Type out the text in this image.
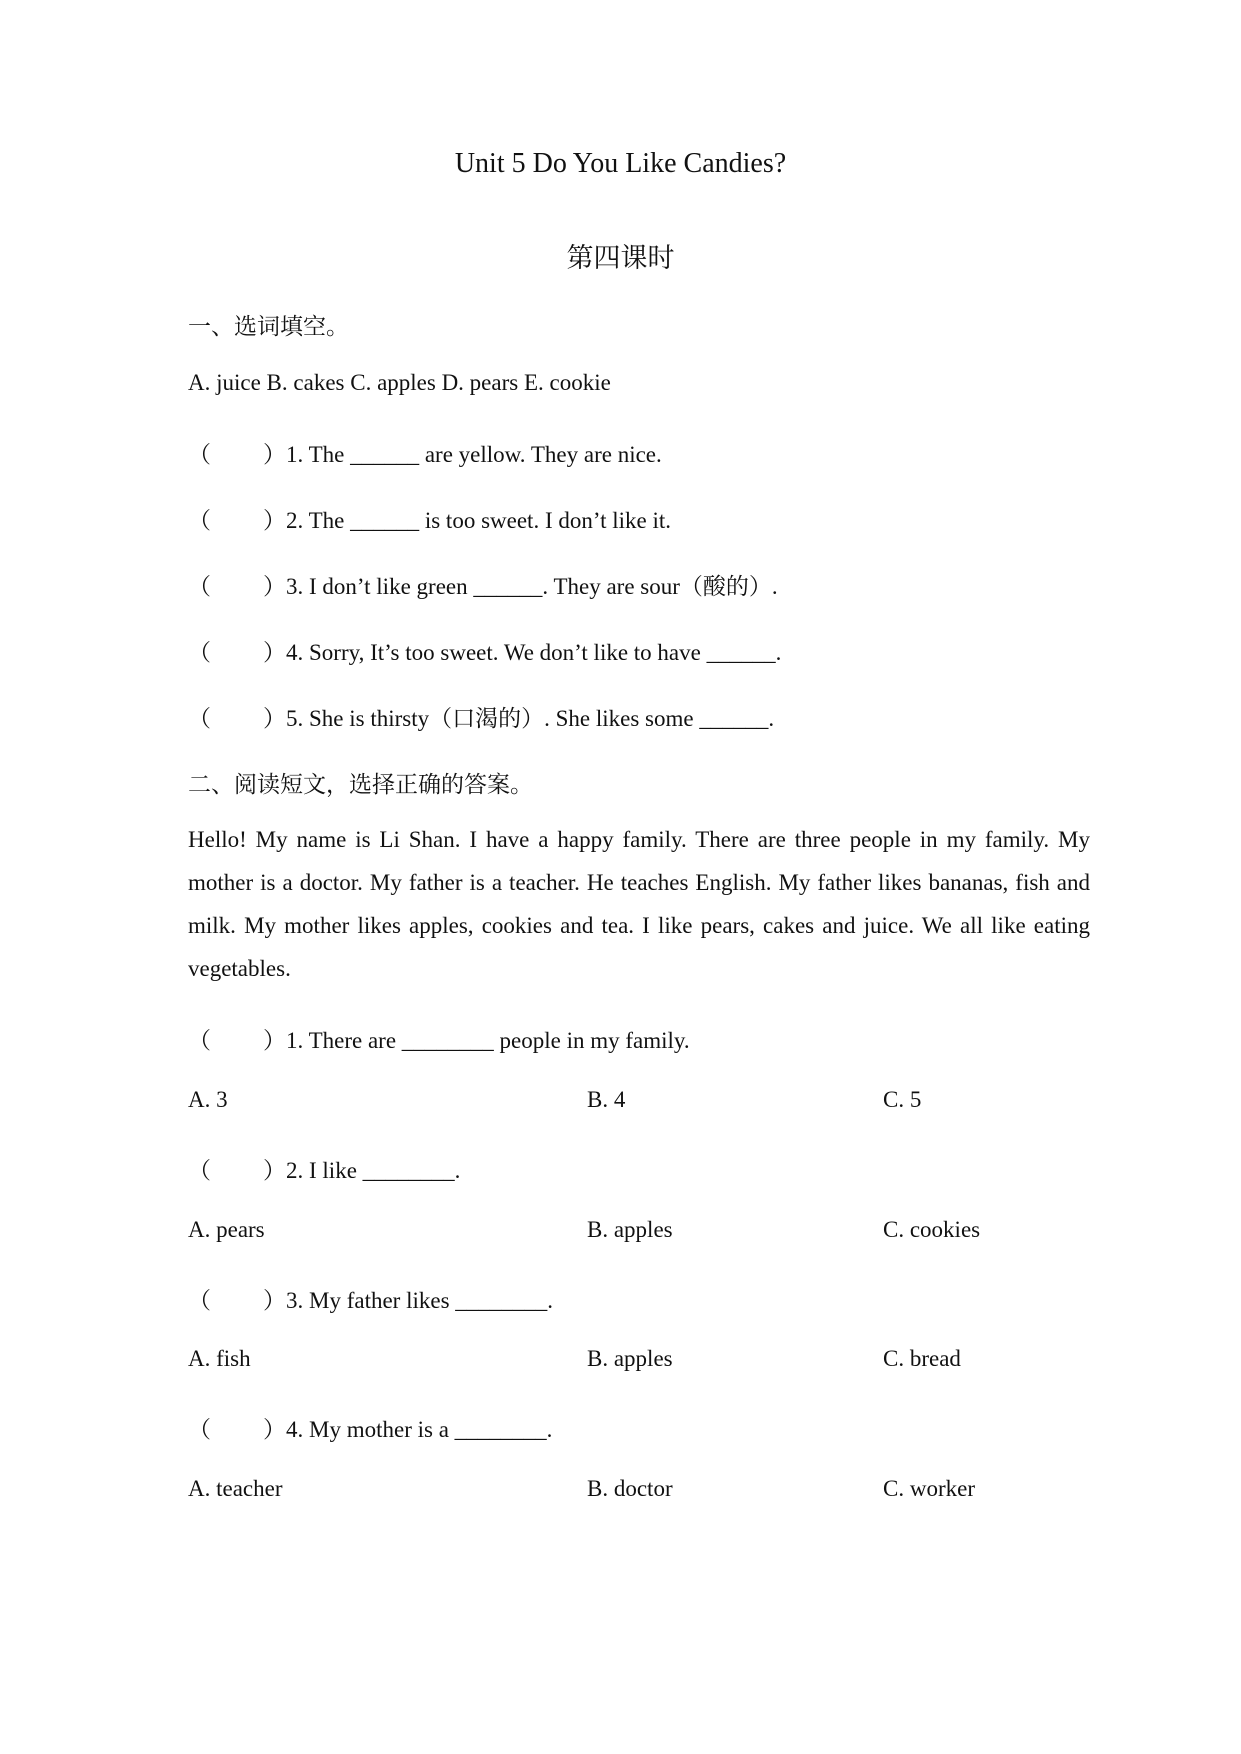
Unit 5 Do You Like Candies?
第四课时
一、选词填空。
A. juice B. cakes C. apples D. pears E. cookie
（ ）1. The ______ are yellow. They are nice.
（ ）2. The ______ is too sweet. I don’t like it.
（ ）3. I don’t like green ______. They are sour（酸的）.
（ ）4. Sorry, It’s too sweet. We don’t like to have ______.
（ ）5. She is thirsty（口渴的）. She likes some ______.
二、阅读短文，选择正确的答案。
Hello! My name is Li Shan. I have a happy family. There are three people in my family. My mother is a doctor. My father is a teacher. He teaches English. My father likes bananas, fish and milk. My mother likes apples, cookies and tea. I like pears, cakes and juice. We all like eating vegetables.
（ ）1. There are ________ people in my family.
A. 3	B. 4	C. 5
（ ）2. I like ________.
A. pears	B. apples	C. cookies
（ ）3. My father likes ________.
A. fish	B. apples	C. bread
（ ）4. My mother is a ________.
A. teacher	B. doctor	C. worker
